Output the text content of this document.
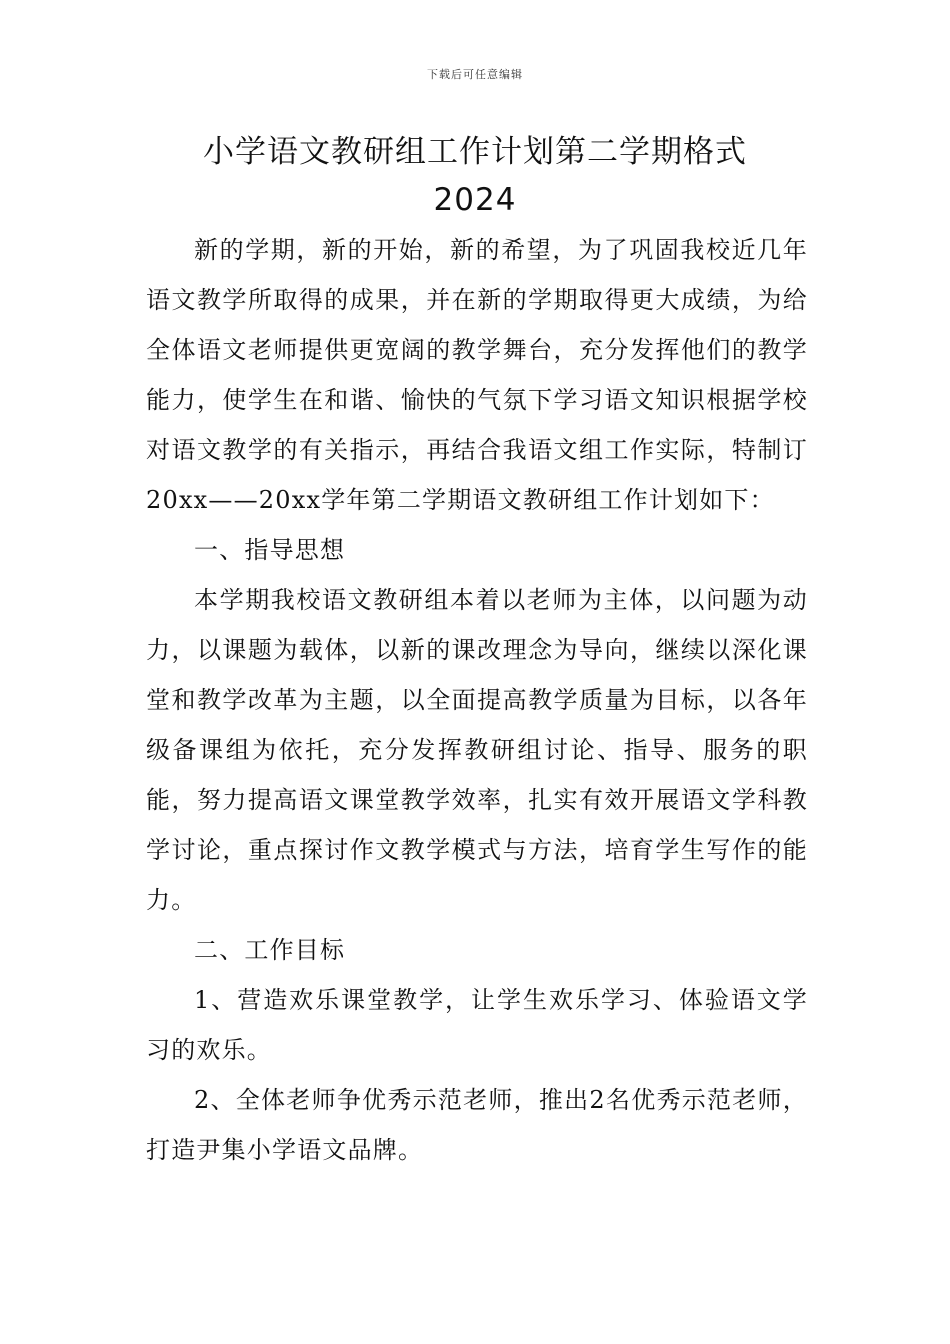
下载后可任意编辑
小学语文教研组工作计划第二学期格式
2024

新的学期，新的开始，新的希望，为了巩固我校近几年语文教学所取得的成果，并在新的学期取得更大成绩，为给全体语文老师提供更宽阔的教学舞台，充分发挥他们的教学能力，使学生在和谐、愉快的气氛下学习语文知识根据学校对语文教学的有关指示，再结合我语文组工作实际，特制订20xx——20xx学年第二学期语文教研组工作计划如下：

一、指导思想

本学期我校语文教研组本着以老师为主体，以问题为动力，以课题为载体，以新的课改理念为导向，继续以深化课堂和教学改革为主题，以全面提高教学质量为目标，以各年级备课组为依托，充分发挥教研组讨论、指导、服务的职能，努力提高语文课堂教学效率，扎实有效开展语文学科教学讨论，重点探讨作文教学模式与方法，培育学生写作的能力。

二、工作目标

1、营造欢乐课堂教学，让学生欢乐学习、体验语文学习的欢乐。

2、全体老师争优秀示范老师，推出2名优秀示范老师，打造尹集小学语文品牌。
